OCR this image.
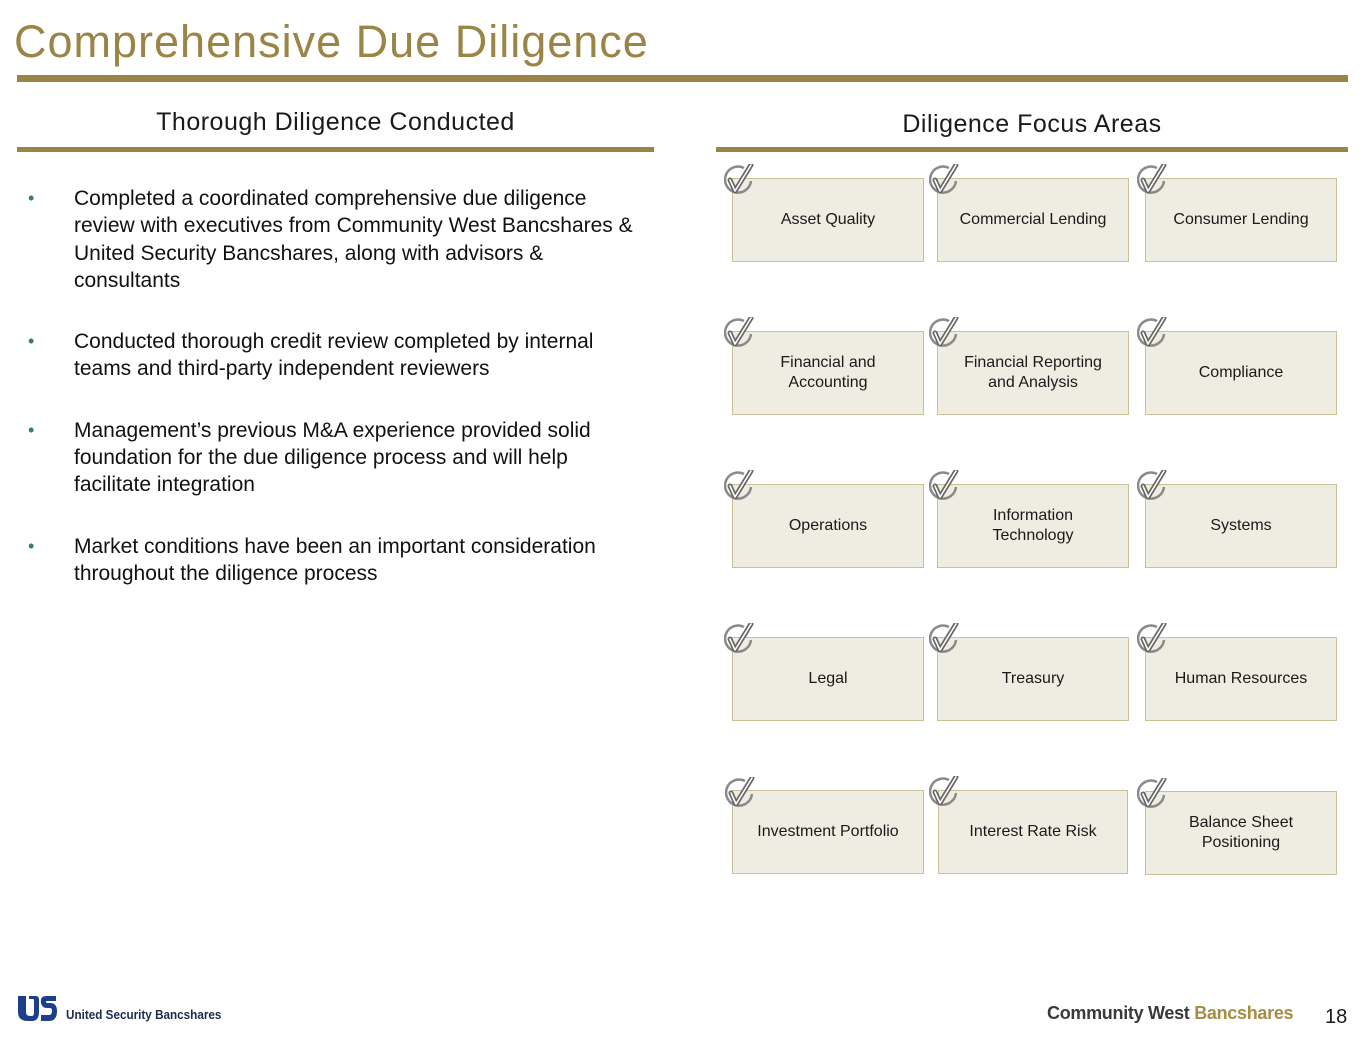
Comprehensive Due Diligence
Thorough Diligence Conducted
• Completed a coordinated comprehensive due diligence review with executives from Community West Bancshares & United Security Bancshares, along with advisors & consultants
• Conducted thorough credit review completed by internal teams and third-party independent reviewers
• Management’s previous M&A experience provided solid foundation for the due diligence process and will help facilitate integration
• Market conditions have been an important consideration throughout the diligence process
Diligence Focus Areas
Asset Quality	Commercial Lending	Consumer Lending
Financial and Accounting
Financial Reporting and Analysis
Compliance
Operations
Information Technology
Systems
Legal	Treasury	Human Resources
Investment Portfolio	Interest Rate Risk
Balance Sheet Positioning
United Security Bancshares	Community West Bancshares 18
